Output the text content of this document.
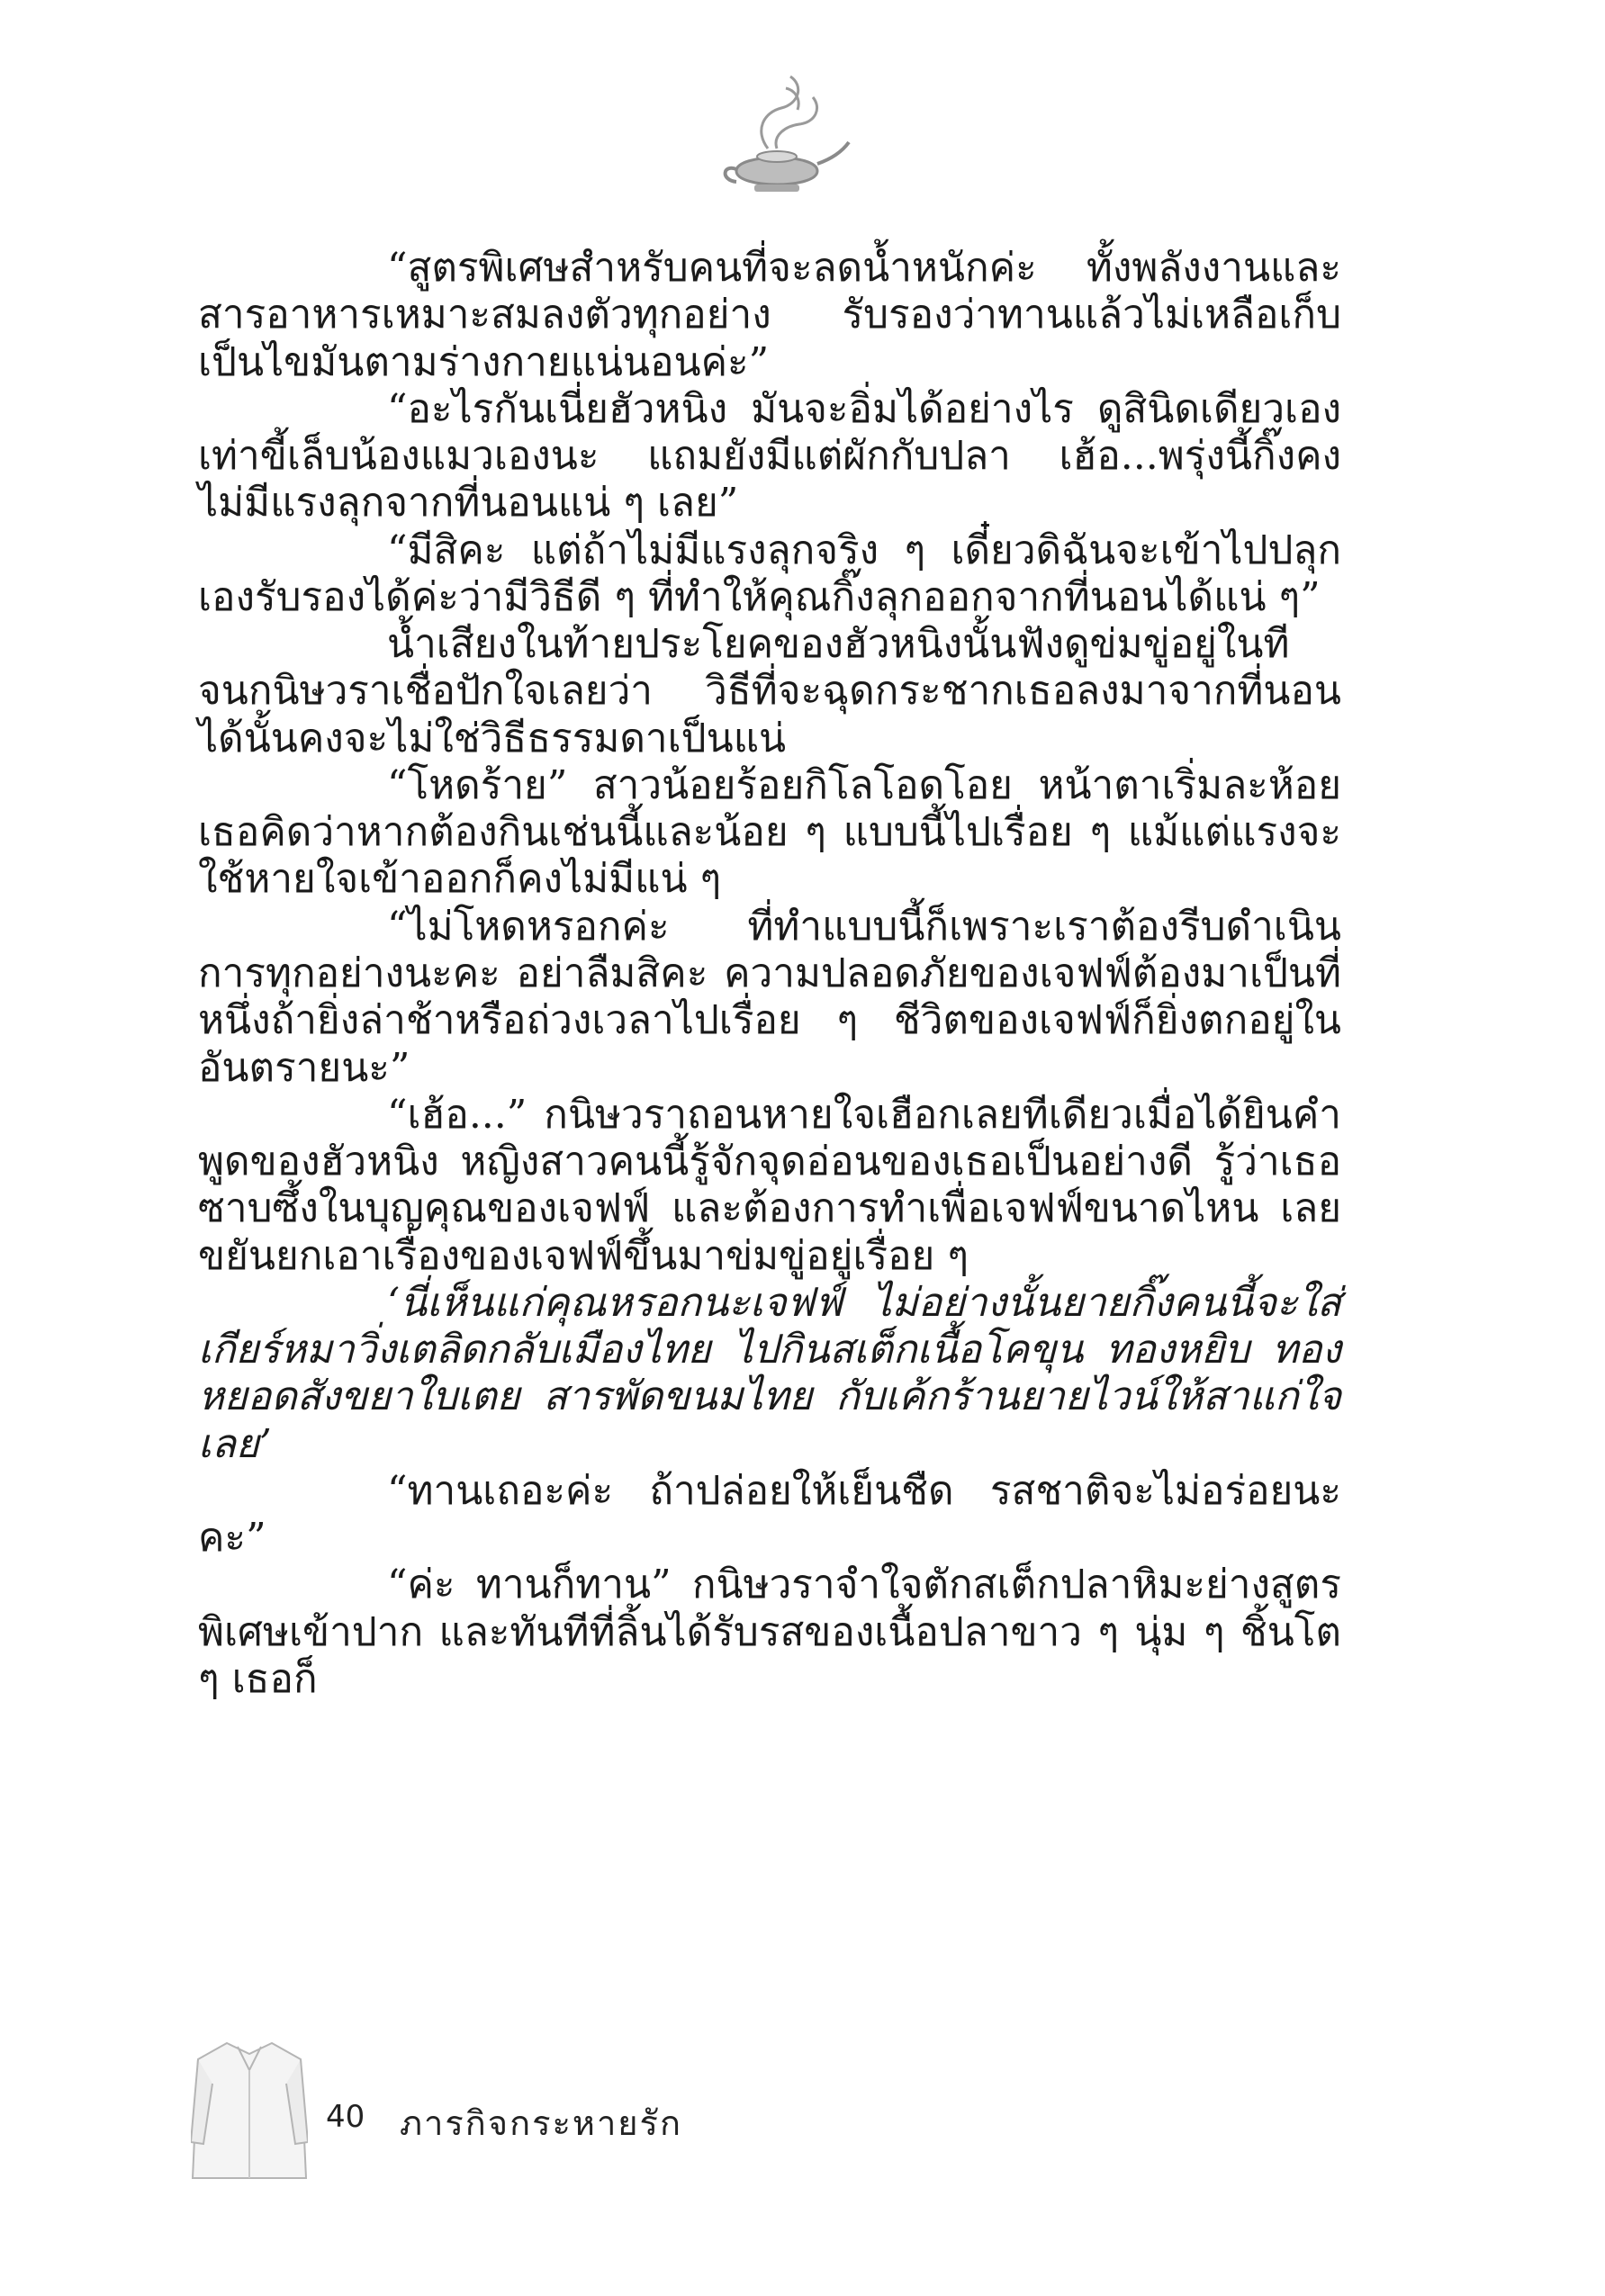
“สูตรพิเศษสำหรับคนที่จะลดน้ำหนักค่ะ ทั้งพลังงานและสารอาหารเหมาะสมลงตัวทุกอย่าง รับรองว่าทานแล้วไม่เหลือเก็บเป็นไขมันตามร่างกายแน่นอนค่ะ”

“อะไรกันเนี่ยฮัวหนิง มันจะอิ่มได้อย่างไร ดูสินิดเดียวเองเท่าขี้เล็บน้องแมวเองนะ แถมยังมีแต่ผักกับปลา เฮ้อ...พรุ่งนี้กิ๊งคงไม่มีแรงลุกจากที่นอนแน่ ๆ เลย”

“มีสิคะ แต่ถ้าไม่มีแรงลุกจริง ๆ เดี๋ยวดิฉันจะเข้าไปปลุกเองรับรองได้ค่ะว่ามีวิธีดี ๆ ที่ทำให้คุณกิ๊งลุกออกจากที่นอนได้แน่ ๆ”

น้ำเสียงในท้ายประโยคของฮัวหนิงนั้นฟังดูข่มขู่อยู่ในที จนกนิษวราเชื่อปักใจเลยว่า วิธีที่จะฉุดกระชากเธอลงมาจากที่นอนได้นั้นคงจะไม่ใช่วิธีธรรมดาเป็นแน่

“โหดร้าย” สาวน้อยร้อยกิโลโอดโอย หน้าตาเริ่มละห้อย เธอคิดว่าหากต้องกินเช่นนี้และน้อย ๆ แบบนี้ไปเรื่อย ๆ แม้แต่แรงจะใช้หายใจเข้าออกก็คงไม่มีแน่ ๆ

“ไม่โหดหรอกค่ะ ที่ทำแบบนี้ก็เพราะเราต้องรีบดำเนินการทุกอย่างนะคะ อย่าลืมสิคะ ความปลอดภัยของเจฟฟ์ต้องมาเป็นที่หนึ่งถ้ายิ่งล่าช้าหรือถ่วงเวลาไปเรื่อย ๆ ชีวิตของเจฟฟ์ก็ยิ่งตกอยู่ในอันตรายนะ”

“เฮ้อ...” กนิษวราถอนหายใจเฮือกเลยทีเดียวเมื่อได้ยินคำพูดของฮัวหนิง หญิงสาวคนนี้รู้จักจุดอ่อนของเธอเป็นอย่างดี รู้ว่าเธอซาบซึ้งในบุญคุณของเจฟฟ์ และต้องการทำเพื่อเจฟฟ์ขนาดไหน เลยขยันยกเอาเรื่องของเจฟฟ์ขึ้นมาข่มขู่อยู่เรื่อย ๆ

‘นี่เห็นแก่คุณหรอกนะเจฟฟ์ ไม่อย่างนั้นยายกิ๊งคนนี้จะใส่เกียร์หมาวิ่งเตลิดกลับเมืองไทย ไปกินสเต็กเนื้อโคขุน ทองหยิบ ทองหยอดสังขยาใบเตย สารพัดขนมไทย กับเค้กร้านยายไวน์ให้สาแก่ใจเลย’

“ทานเถอะค่ะ ถ้าปล่อยให้เย็นชืด รสชาติจะไม่อร่อยนะคะ”

“ค่ะ ทานก็ทาน” กนิษวราจำใจตักสเต็กปลาหิมะย่างสูตรพิเศษเข้าปาก และทันทีที่ลิ้นได้รับรสของเนื้อปลาขาว ๆ นุ่ม ๆ ชิ้นโต ๆ เธอก็

40 ภารกิจกระหายรัก
